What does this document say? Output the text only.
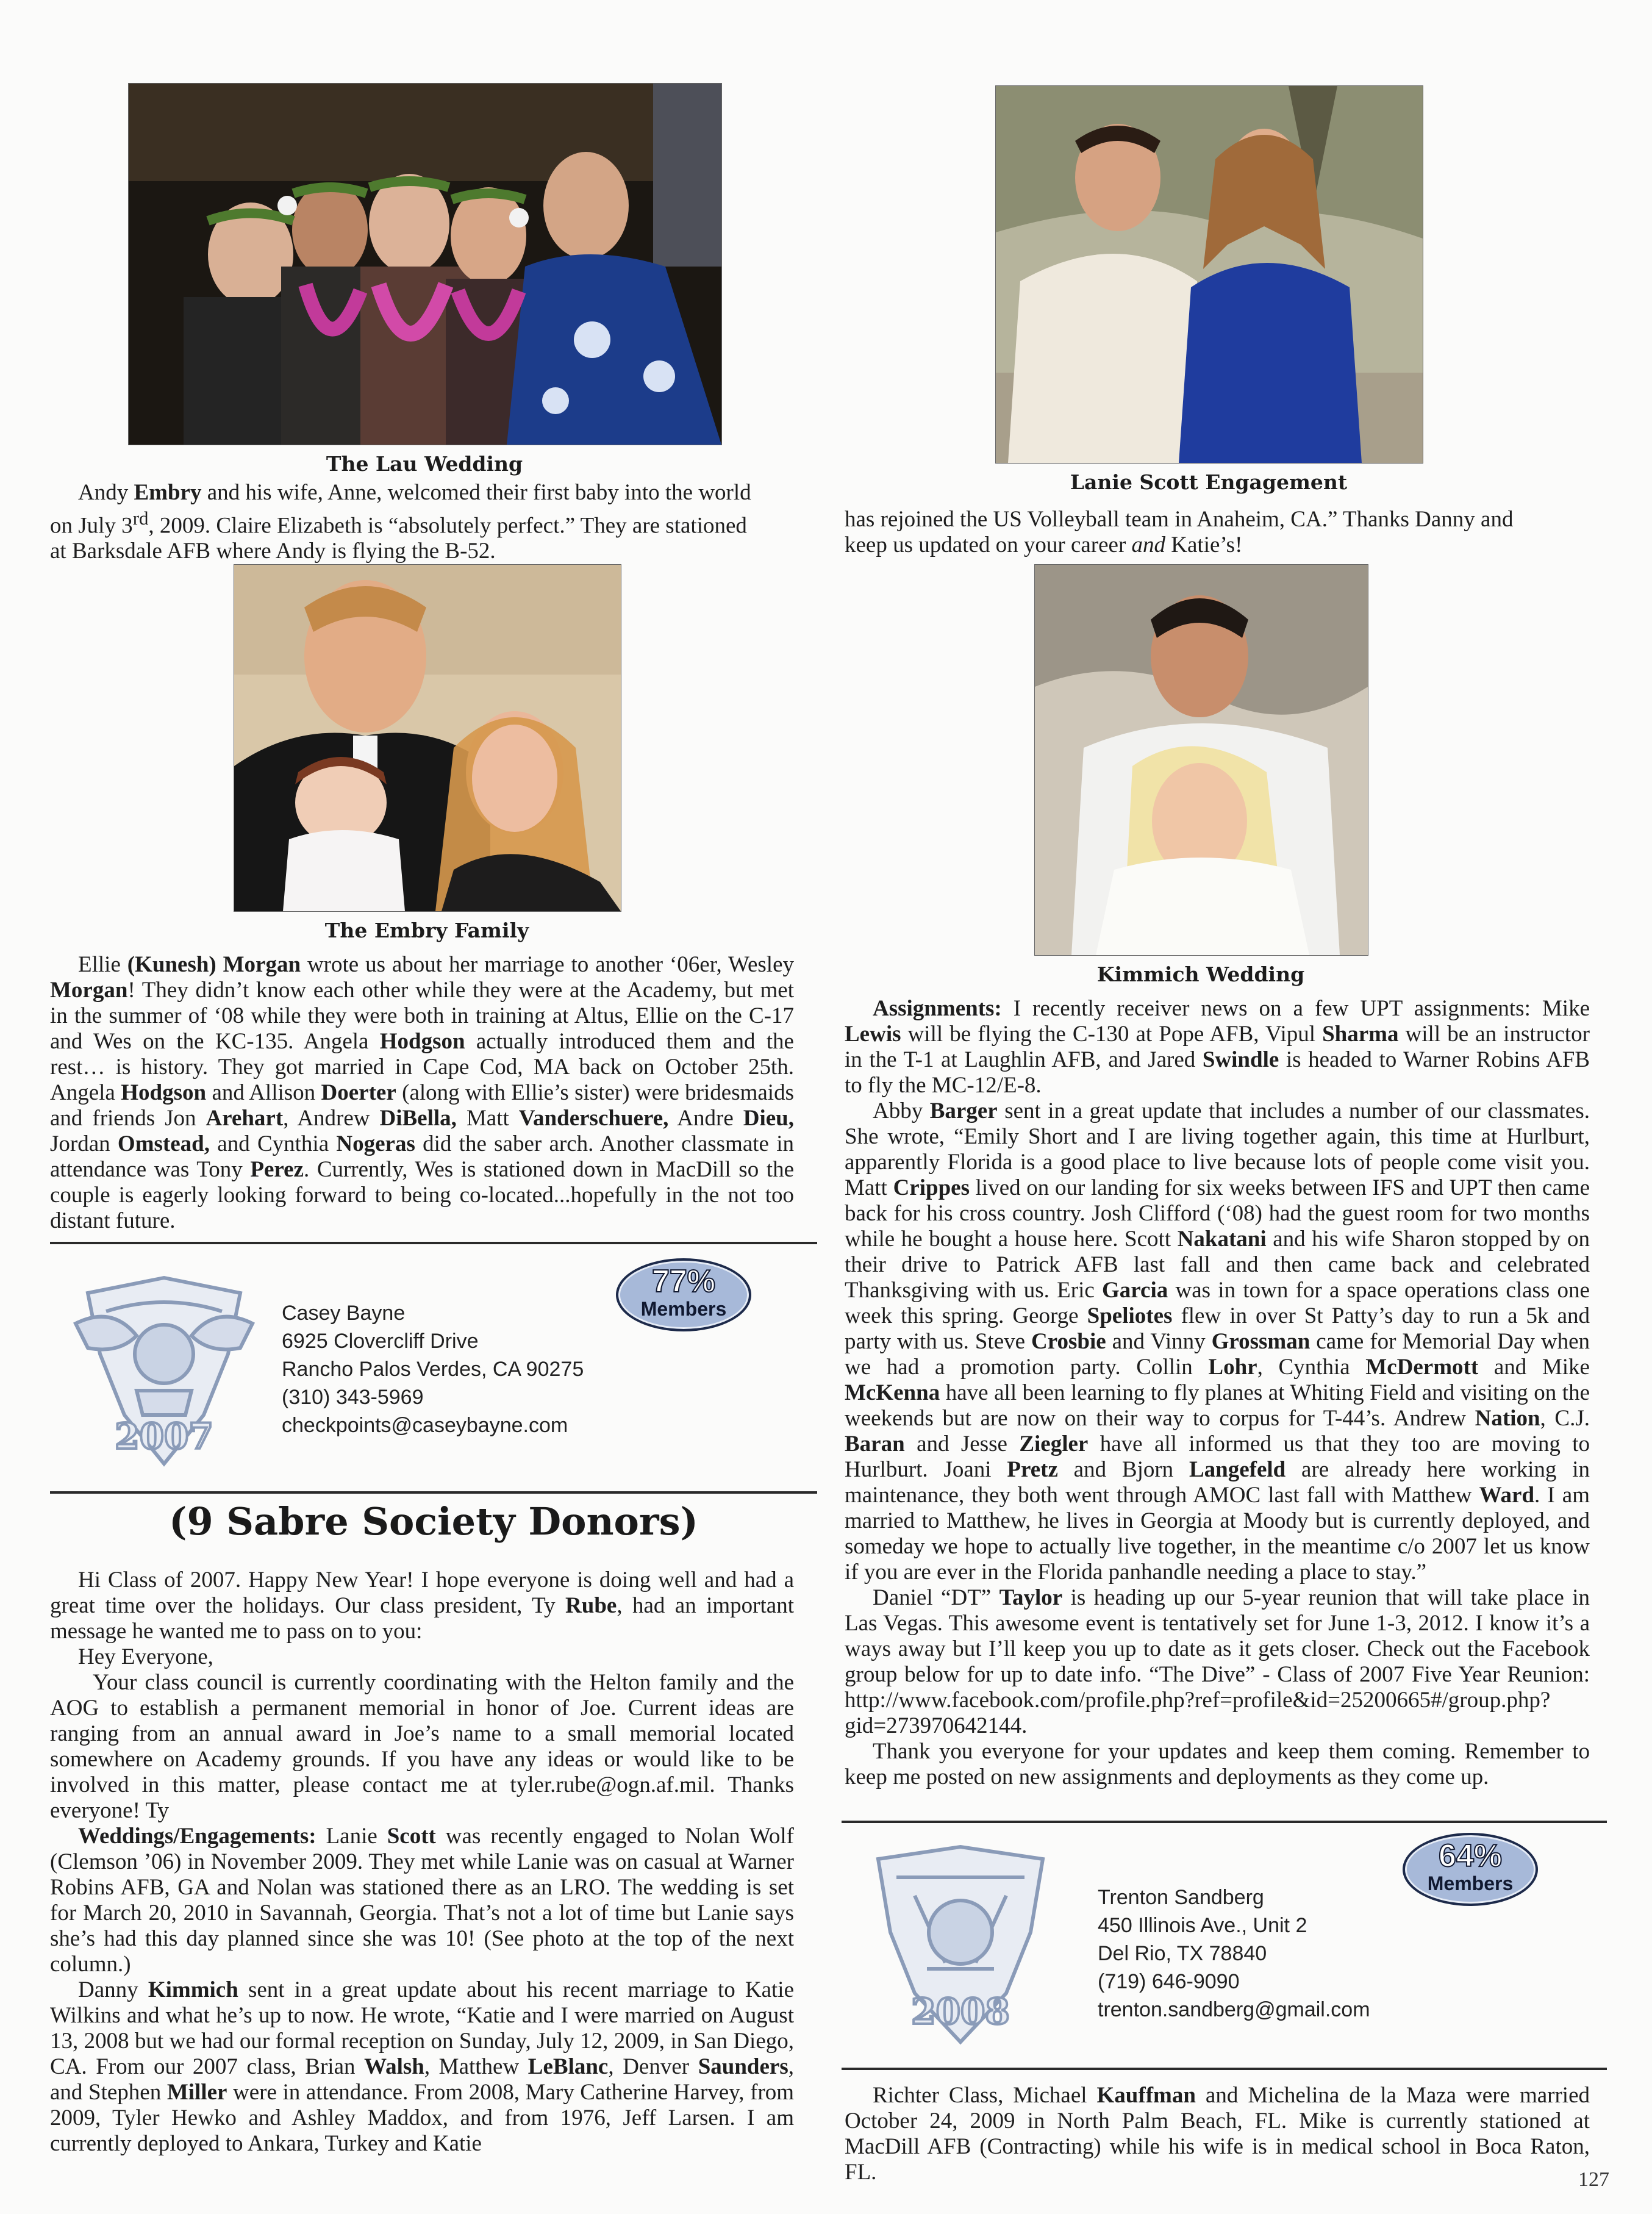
The Lau Wedding
The Embry Family
Lanie Scott Engagement
Kimmich Wedding
Andy Embry and his wife, Anne, welcomed their first baby into the world
on July 3rd, 2009. Claire Elizabeth is “absolutely perfect.” They are stationed
at Barksdale AFB where Andy is flying the B-52.

Ellie (Kunesh) Morgan wrote us about her marriage to another ‘06er, Wesley Morgan! They didn’t know each other while they were at the Academy, but met in the summer of ‘08 while they were both in training at Altus, Ellie on the C-17 and Wes on the KC-135. Angela Hodgson actually introduced them and the rest… is history. They got married in Cape Cod, MA back on October 25th. Angela Hodgson and Allison Doerter (along with Ellie’s sister) were bridesmaids and friends Jon Arehart, Andrew DiBella, Matt Vanderschuere, Andre Dieu, Jordan Omstead, and Cynthia Nogeras did the saber arch. Another classmate in attendance was Tony Perez. Currently, Wes is stationed down in MacDill so the couple is eagerly looking forward to being co-located...hopefully in the not too distant future.

2007
Casey Bayne
6925 Clovercliff Drive
Rancho Palos Verdes, CA 90275
(310) 343-5969
checkpoints@caseybayne.com
77%
Members
(9 Sabre Society Donors)

Hi Class of 2007. Happy New Year! I hope everyone is doing well and had a great time over the holidays. Our class president, Ty Rube, had an important message he wanted me to pass on to you:

Hey Everyone,

Your class council is currently coordinating with the Helton family and the AOG to establish a permanent memorial in honor of Joe. Current ideas are ranging from an annual award in Joe’s name to a small memorial located somewhere on Academy grounds. If you have any ideas or would like to be involved in this matter, please contact me at tyler.rube@ogn.af.mil. Thanks everyone! Ty

Weddings/Engagements: Lanie Scott was recently engaged to Nolan Wolf (Clemson ’06) in November 2009. They met while Lanie was on casual at Warner Robins AFB, GA and Nolan was stationed there as an LRO. The wedding is set for March 20, 2010 in Savannah, Georgia. That’s not a lot of time but Lanie says she’s had this day planned since she was 10! (See photo at the top of the next column.)

Danny Kimmich sent in a great update about his recent marriage to Katie Wilkins and what he’s up to now. He wrote, “Katie and I were married on August 13, 2008 but we had our formal reception on Sunday, July 12, 2009, in San Diego, CA. From our 2007 class, Brian Walsh, Matthew LeBlanc, Denver Saunders, and Stephen Miller were in attendance. From 2008, Mary Catherine Harvey, from 2009, Tyler Hewko and Ashley Maddox, and from 1976, Jeff Larsen. I am currently deployed to Ankara, Turkey and Katie

has rejoined the US Volleyball team in Anaheim, CA.” Thanks Danny and
keep us updated on your career and Katie’s!

Assignments: I recently receiver news on a few UPT assignments: Mike Lewis will be flying the C-130 at Pope AFB, Vipul Sharma will be an instructor in the T-1 at Laughlin AFB, and Jared Swindle is headed to Warner Robins AFB to fly the MC-12/E-8.

Abby Barger sent in a great update that includes a number of our classmates. She wrote, “Emily Short and I are living together again, this time at Hurlburt, apparently Florida is a good place to live because lots of people come visit you. Matt Crippes lived on our landing for six weeks between IFS and UPT then came back for his cross country. Josh Clifford (‘08) had the guest room for two months while he bought a house here. Scott Nakatani and his wife Sharon stopped by on their drive to Patrick AFB last fall and then came back and celebrated Thanksgiving with us. Eric Garcia was in town for a space operations class one week this spring. George Speliotes flew in over St Patty’s day to run a 5k and party with us. Steve Crosbie and Vinny Grossman came for Memorial Day when we had a promotion party. Collin Lohr, Cynthia McDermott and Mike McKenna have all been learning to fly planes at Whiting Field and visiting on the weekends but are now on their way to corpus for T-44’s. Andrew Nation, C.J. Baran and Jesse Ziegler have all informed us that they too are moving to Hurlburt. Joani Pretz and Bjorn Langefeld are already here working in maintenance, they both went through AMOC last fall with Matthew Ward. I am married to Matthew, he lives in Georgia at Moody but is currently deployed, and someday we hope to actually live together, in the meantime c/o 2007 let us know if you are ever in the Florida panhandle needing a place to stay.”

Daniel “DT” Taylor is heading up our 5-year reunion that will take place in Las Vegas. This awesome event is tentatively set for June 1-3, 2012. I know it’s a ways away but I’ll keep you up to date as it gets closer. Check out the Facebook group below for up to date info. “The Dive” - Class of 2007 Five Year Reunion: http://www.facebook.com/profile.php?ref=profile&id=25200665#/group.php?gid=273970642144.

Thank you everyone for your updates and keep them coming. Remember to keep me posted on new assignments and deployments as they come up.

2008
Trenton Sandberg
450 Illinois Ave., Unit 2
Del Rio, TX 78840
(719) 646-9090
trenton.sandberg@gmail.com
64%
Members

Richter Class, Michael Kauffman and Michelina de la Maza were married October 24, 2009 in North Palm Beach, FL. Mike is currently stationed at MacDill AFB (Contracting) while his wife is in medical school in Boca Raton, FL.	127
